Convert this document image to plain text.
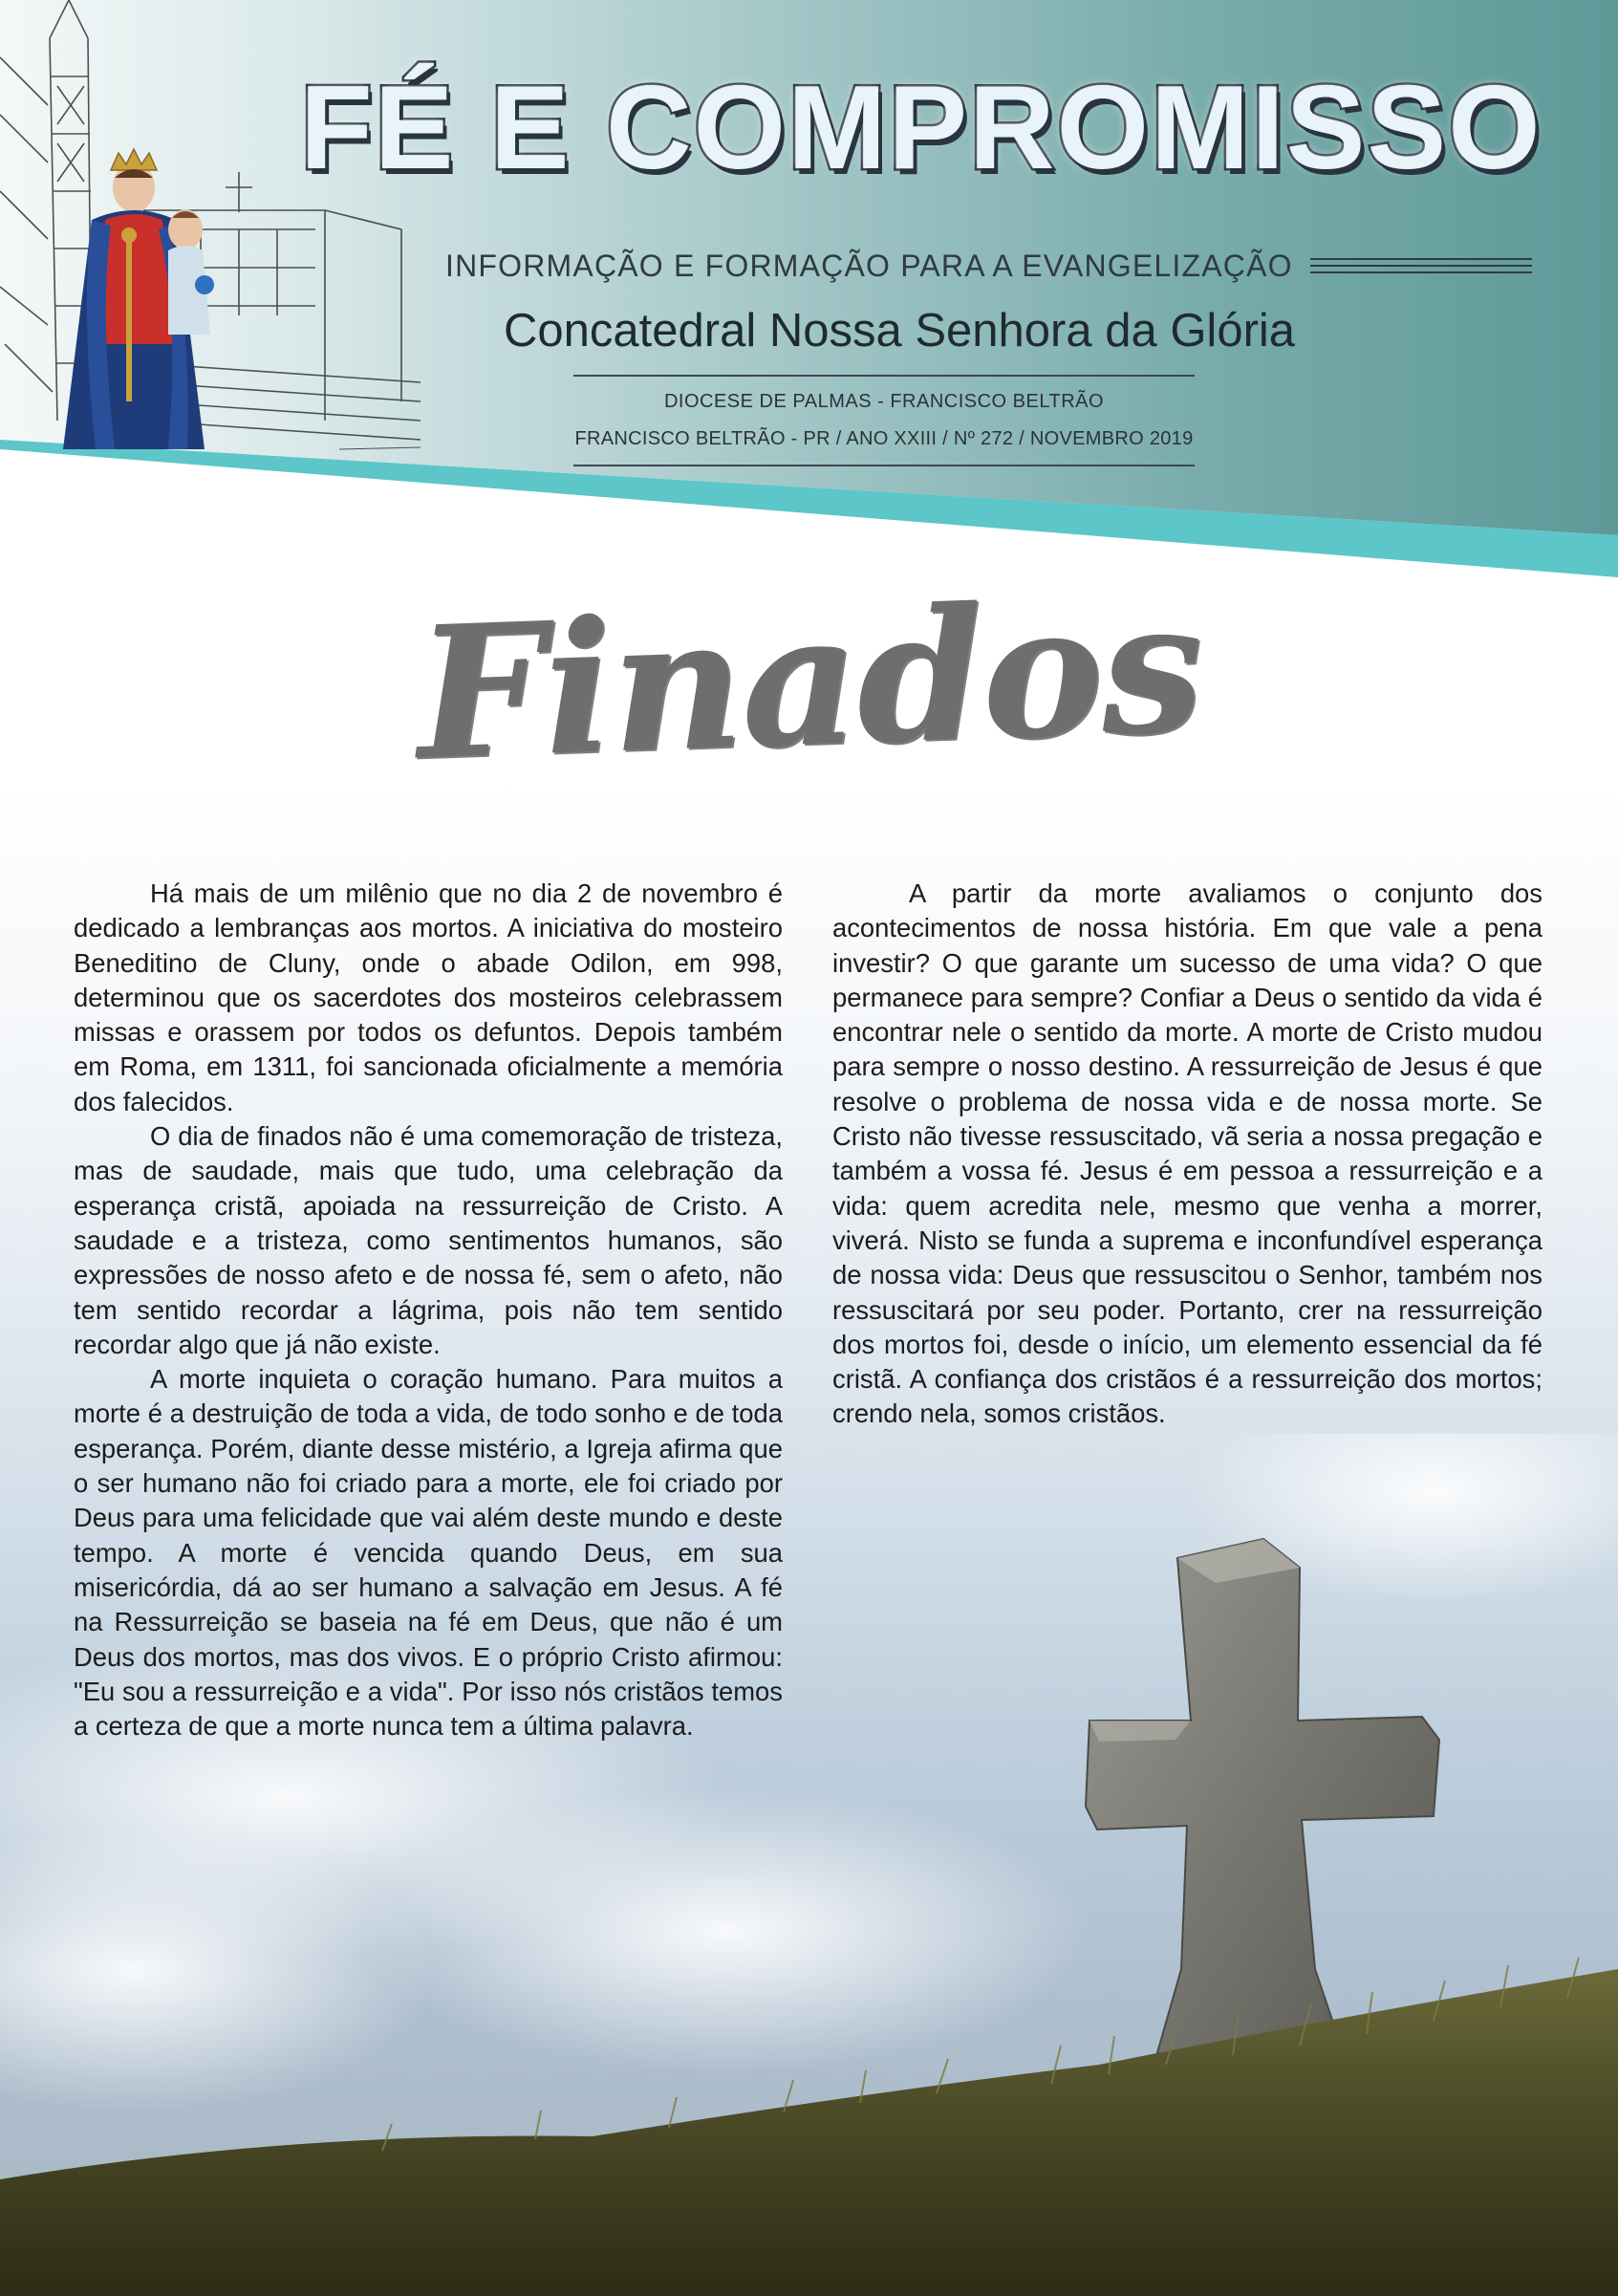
FÉ E COMPROMISSO
INFORMAÇÃO E FORMAÇÃO PARA A EVANGELIZAÇÃO
Concatedral Nossa Senhora da Glória
DIOCESE DE PALMAS - FRANCISCO BELTRÃO
FRANCISCO BELTRÃO - PR / ANO XXIII / Nº 272 / NOVEMBRO 2019
Finados

Há mais de um milênio que no dia 2 de novembro é dedicado a lembranças aos mortos. A iniciativa do mosteiro Beneditino de Cluny, onde o abade Odilon, em 998, determinou que os sacerdotes dos mosteiros celebrassem missas e orassem por todos os defuntos. Depois também em Roma, em 1311, foi sancionada oficialmente a memória dos falecidos.

O dia de finados não é uma comemoração de tristeza, mas de saudade, mais que tudo, uma celebração da esperança cristã, apoiada na ressurreição de Cristo. A saudade e a tristeza, como sentimentos humanos, são expressões de nosso afeto e de nossa fé, sem o afeto, não tem sentido recordar a lágrima, pois não tem sentido recordar algo que já não existe.

A morte inquieta o coração humano. Para muitos a morte é a destruição de toda a vida, de todo sonho e de toda esperança. Porém, diante desse mistério, a Igreja afirma que o ser humano não foi criado para a morte, ele foi criado por Deus para uma felicidade que vai além deste mundo e deste tempo. A morte é vencida quando Deus, em sua misericórdia, dá ao ser humano a salvação em Jesus. A fé na Ressurreição se baseia na fé em Deus, que não é um Deus dos mortos, mas dos vivos. E o próprio Cristo afirmou: "Eu sou a ressurreição e a vida". Por isso nós cristãos temos a certeza de que a morte nunca tem a última palavra.

A partir da morte avaliamos o conjunto dos acontecimentos de nossa história. Em que vale a pena investir? O que garante um sucesso de uma vida? O que permanece para sempre? Confiar a Deus o sentido da vida é encontrar nele o sentido da morte. A morte de Cristo mudou para sempre o nosso destino. A ressurreição de Jesus é que resolve o problema de nossa vida e de nossa morte. Se Cristo não tivesse ressuscitado, vã seria a nossa pregação e também a vossa fé. Jesus é em pessoa a ressurreição e a vida: quem acredita nele, mesmo que venha a morrer, viverá. Nisto se funda a suprema e inconfundível esperança de nossa vida: Deus que ressuscitou o Senhor, também nos ressuscitará por seu poder. Portanto, crer na ressurreição dos mortos foi, desde o início, um elemento essencial da fé cristã. A confiança dos cristãos é a ressurreição dos mortos; crendo nela, somos cristãos.
